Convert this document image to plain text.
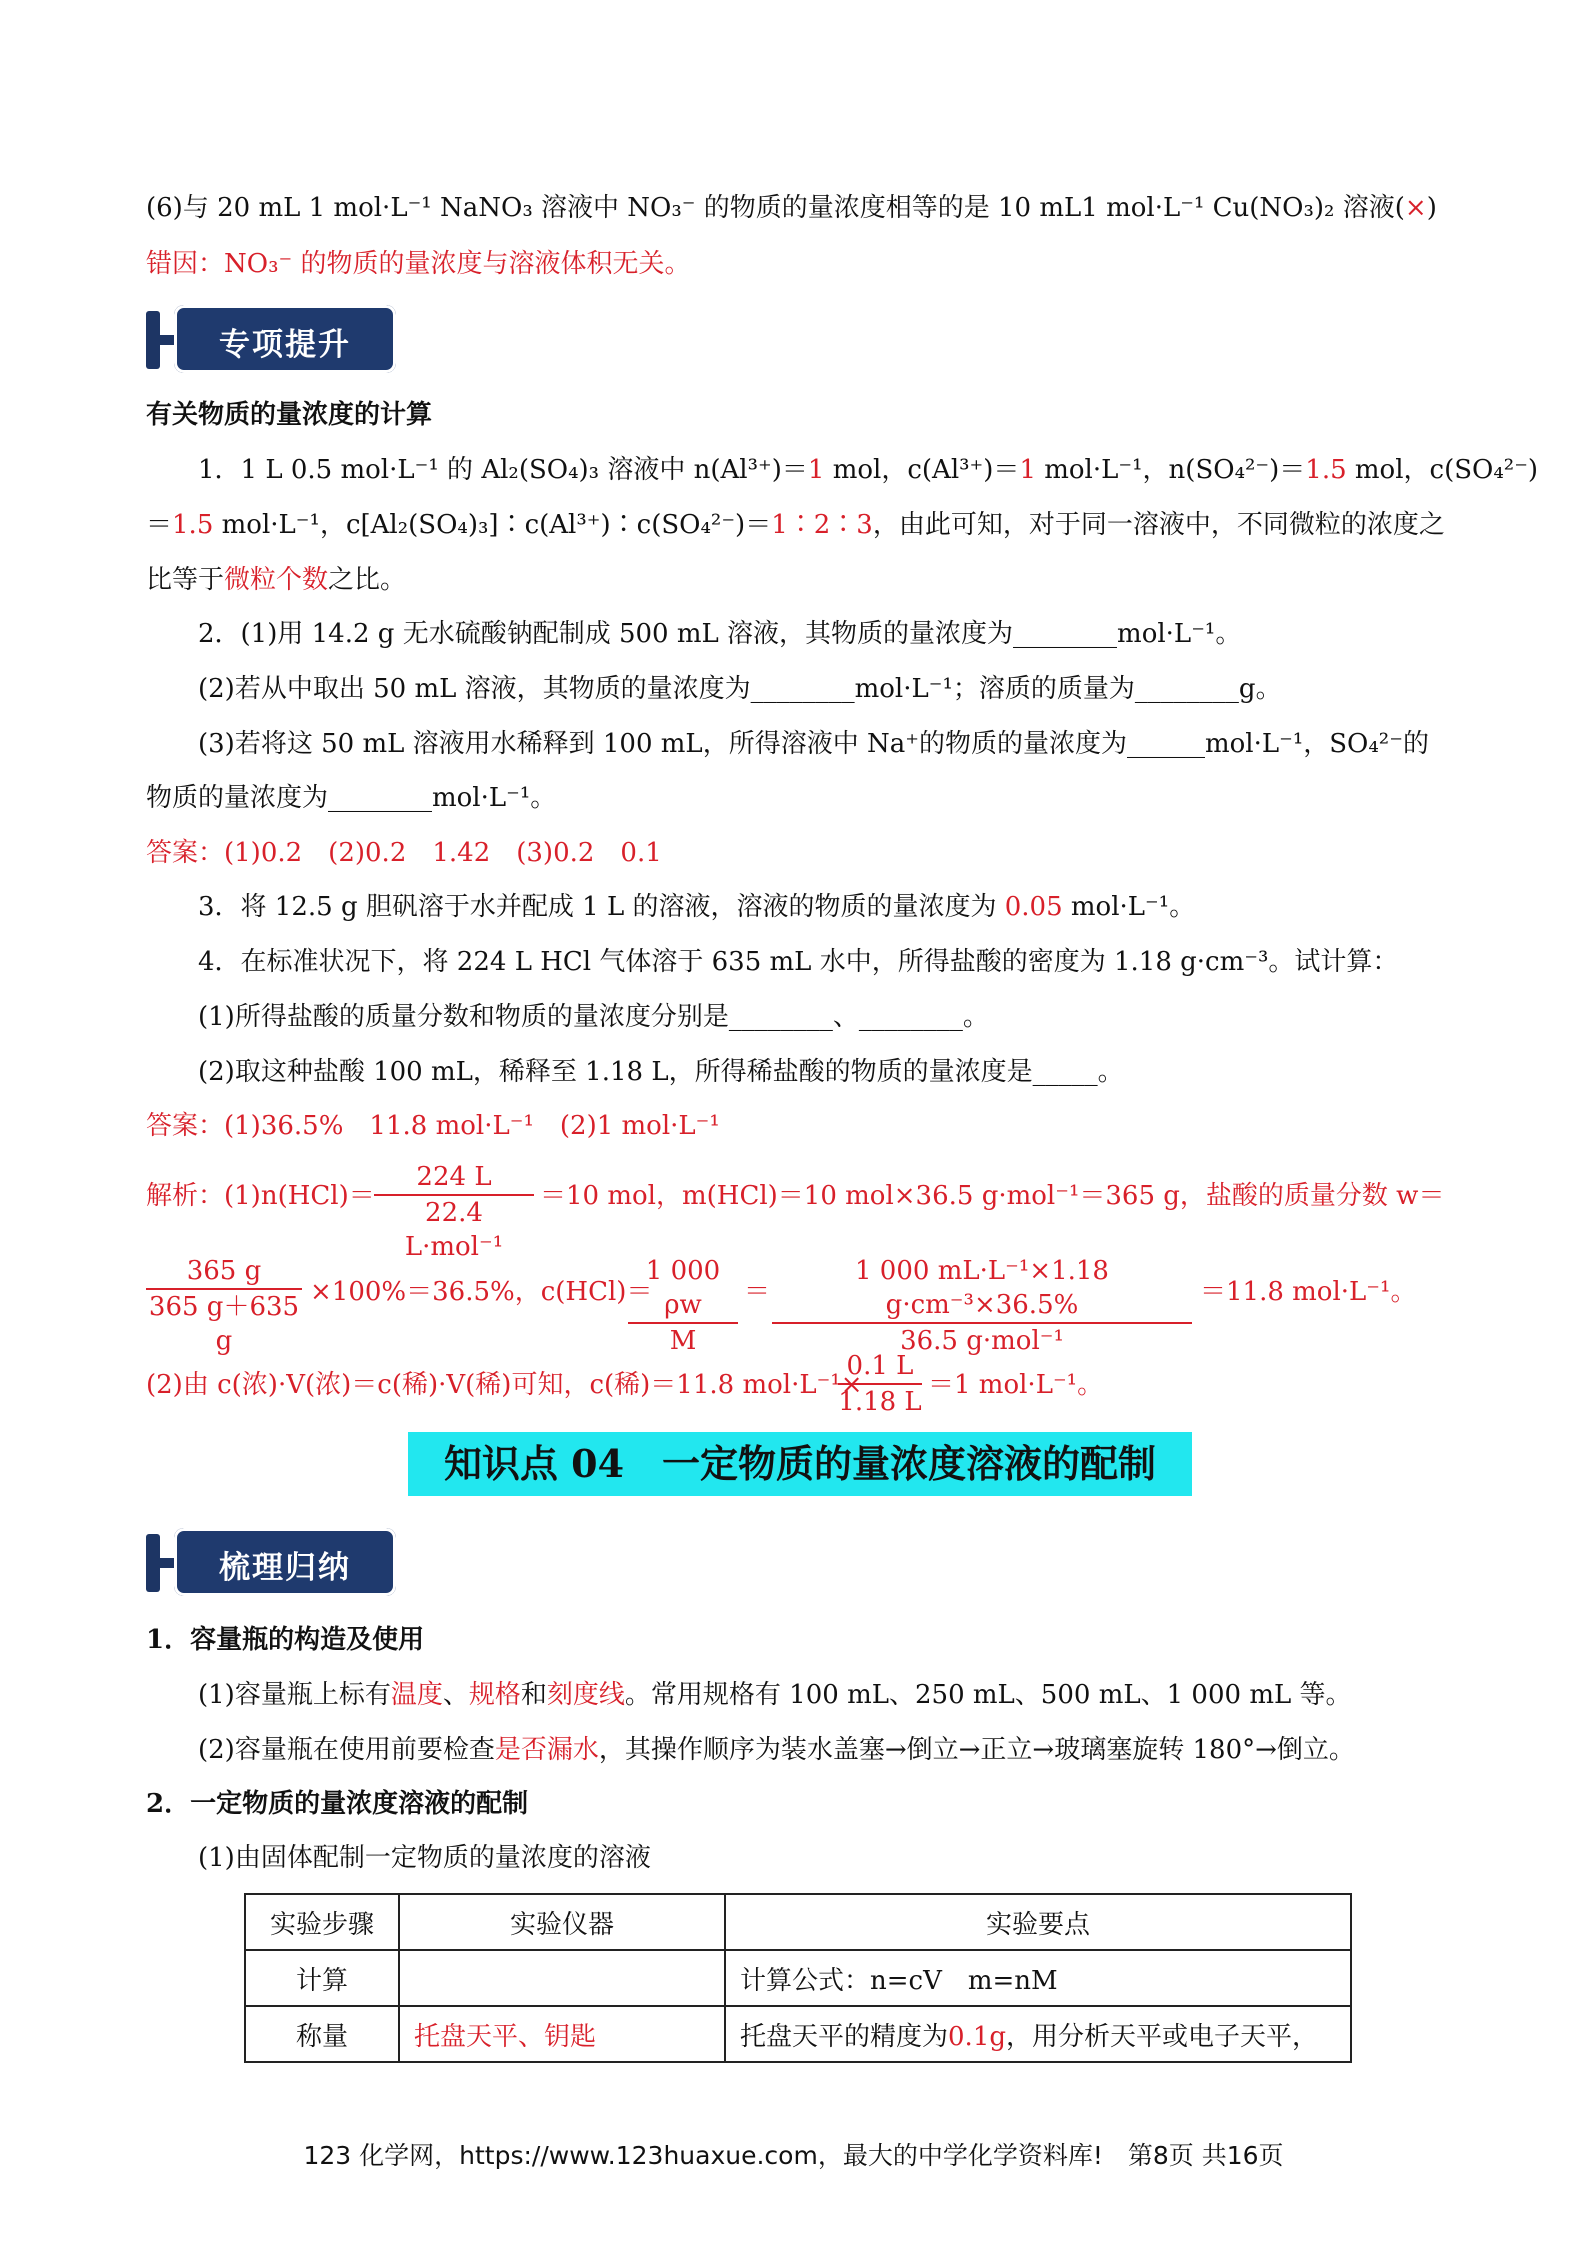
(6)与 20 mL 1 mol·L⁻¹ NaNO₃ 溶液中 NO₃⁻ 的物质的量浓度相等的是 10 mL1 mol·L⁻¹ Cu(NO₃)₂ 溶液(×)
错因：NO₃⁻ 的物质的量浓度与溶液体积无关。
专项提升
有关物质的量浓度的计算
1．1 L 0.5 mol·L⁻¹ 的 Al₂(SO₄)₃ 溶液中 n(Al³⁺)＝1 mol，c(Al³⁺)＝1 mol·L⁻¹，n(SO₄²⁻)＝1.5 mol，c(SO₄²⁻)
＝1.5 mol·L⁻¹，c[Al₂(SO₄)₃]∶c(Al³⁺)∶c(SO₄²⁻)＝1∶2∶3，由此可知，对于同一溶液中，不同微粒的浓度之
比等于微粒个数之比。
2．(1)用 14.2 g 无水硫酸钠配制成 500 mL 溶液，其物质的量浓度为________mol·L⁻¹。
(2)若从中取出 50 mL 溶液，其物质的量浓度为________mol·L⁻¹；溶质的质量为________g。
(3)若将这 50 mL 溶液用水稀释到 100 mL，所得溶液中 Na⁺的物质的量浓度为______mol·L⁻¹，SO₄²⁻的
物质的量浓度为________mol·L⁻¹。
答案：(1)0.2　(2)0.2　1.42　(3)0.2　0.1
3．将 12.5 g 胆矾溶于水并配成 1 L 的溶液，溶液的物质的量浓度为 0.05 mol·L⁻¹。
4．在标准状况下，将 224 L HCl 气体溶于 635 mL 水中，所得盐酸的密度为 1.18 g·cm⁻³。试计算：
(1)所得盐酸的质量分数和物质的量浓度分别是________、________。
(2)取这种盐酸 100 mL，稀释至 1.18 L，所得稀盐酸的物质的量浓度是_____。
答案：(1)36.5%　11.8 mol·L⁻¹　(2)1 mol·L⁻¹
解析：(1)n(HCl)＝
224 L
22.4 L·mol⁻¹
＝10 mol，m(HCl)＝10 mol×36.5 g·mol⁻¹＝365 g，盐酸的质量分数 w＝
$\frac{365 g}{365 g+635 g} \times 100\%=36.5\%$，c(HCl)＝
$\frac{1 000 \rho w}{M}$ ＝
1 000 mL·L⁻¹×1.18 g·cm⁻³×36.5%
36.5 g·mol⁻¹
＝11.8 mol·L⁻¹。
(2)由 c(浓)·V(浓)＝c(稀)·V(稀)可知，c(稀)＝11.8 mol·L⁻¹×
$\frac{0.1 L}{1.18 L} =1$ mol·L⁻¹。
知识点 04　一定物质的量浓度溶液的配制
梳理归纳
1．容量瓶的构造及使用
(1)容量瓶上标有温度、规格和刻度线。常用规格有 100 mL、250 mL、500 mL、1 000 mL 等。
(2)容量瓶在使用前要检查是否漏水，其操作顺序为装水盖塞→倒立→正立→玻璃塞旋转 180°→倒立。
2．一定物质的量浓度溶液的配制
(1)由固体配制一定物质的量浓度的溶液
实验步骤	实验仪器	实验要点
计算		计算公式：n=cV　m=nM
称量	托盘天平、钥匙	托盘天平的精度为0.1g，用分析天平或电子天平，
123 化学网，https://www.123huaxue.com，最大的中学化学资料库!　第8页 共16页
